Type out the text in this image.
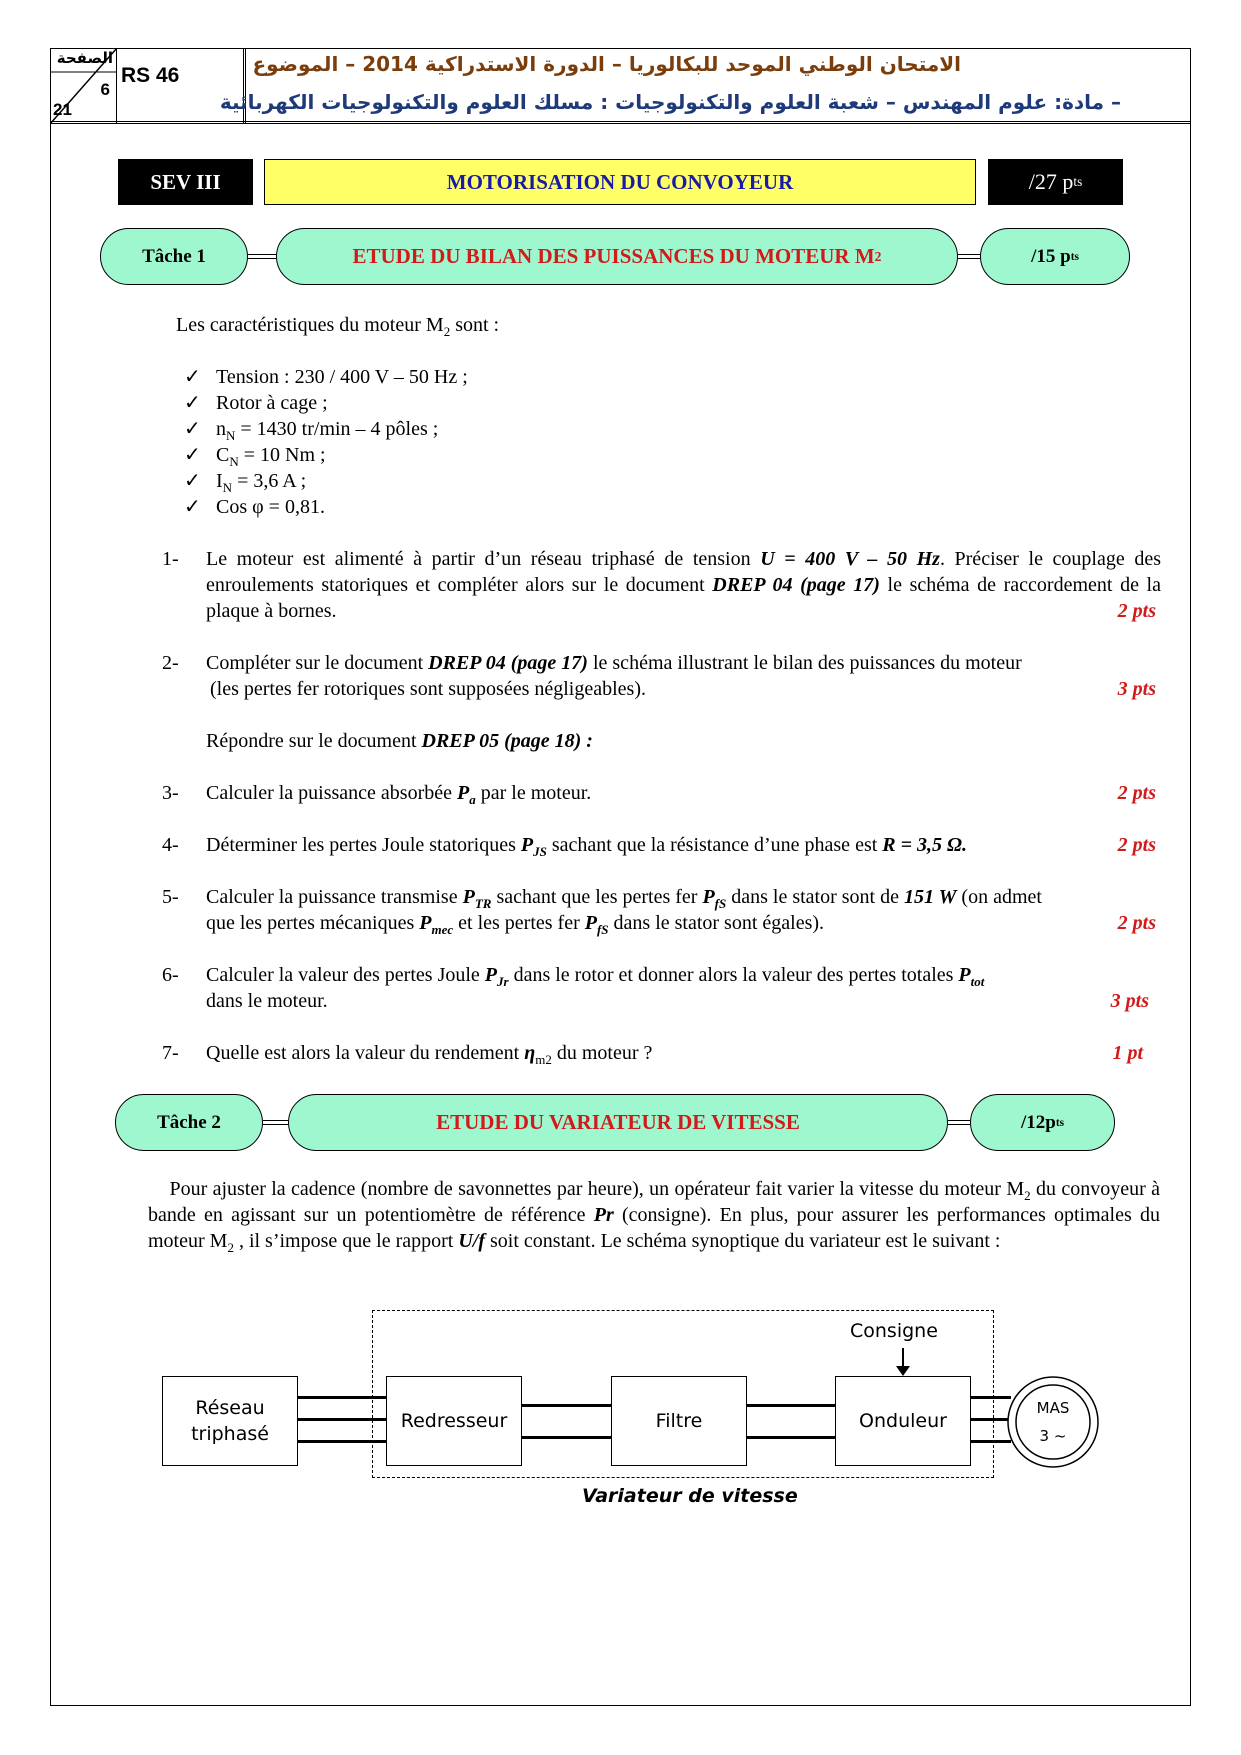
الصفحة
6
21
RS 46	الامتحان الوطني الموحد للبكالوريا – الدورة الاستدراكية 2014 – الموضوع
– مادة: علوم المهندس – شعبة العلوم والتكنولوجيات : مسلك العلوم والتكنولوجيات الكهربائية
SEV III	MOTORISATION DU CONVOYEUR	/27 p ts
Tâche 1	ETUDE DU BILAN DES PUISSANCES DU MOTEUR M 2	/15 p ts
Les caractéristiques du moteur $M_2$ sont :
✓ Tension : 230 / 400 V – 50 Hz ;
✓ Rotor à cage ;
✓ $n_N = 1430$ tr/min – 4 pôles ;
✓ $C_N = 10$ Nm ;
✓ $I_N = 3,6$ A ;
✓ Cos φ = 0,81.
1- Le moteur est alimenté à partir d’un réseau triphasé de tension U = 400 V – 50 Hz. Préciser le couplage des enroulements statoriques et compléter alors sur le document DREP 04 (page 17) le schéma de raccordement de la plaque à bornes.	2 pts
2- Compléter sur le document DREP 04 (page 17) le schéma illustrant le bilan des puissances du moteur
(les pertes fer rotoriques sont supposées négligeables).	3 pts
Répondre sur le document DREP 05 (page 18) :
3- Calculer la puissance absorbée $P_a$ par le moteur.	2 pts
4- Déterminer les pertes Joule statoriques $P_{JS}$ sachant que la résistance d’une phase est R = 3,5 Ω.	2 pts
5- Calculer la puissance transmise $P_{TR}$ sachant que les pertes fer $P_{fS}$ dans le stator sont de 151 W (on admet
que les pertes mécaniques $P_{mec}$ et les pertes fer $P_{fS}$ dans le stator sont égales).	2 pts
6- Calculer la valeur des pertes Joule $P_{Jr}$ dans le rotor et donner alors la valeur des pertes totales $P_{tot}$
dans le moteur.	3 pts
7- Quelle est alors la valeur du rendement $\eta_{m2}$ du moteur ?	1 pt
Tâche 2	ETUDE DU VARIATEUR DE VITESSE	/12p ts
Pour ajuster la cadence (nombre de savonnettes par heure), un opérateur fait varier la vitesse du moteur $M_2$ du convoyeur à bande en agissant sur un potentiomètre de référence Pr (consigne). En plus, pour assurer les performances optimales du moteur $M_2$ , il s’impose que le rapport U/f soit constant. Le schéma synoptique du variateur est le suivant :
Réseau
triphasé
Redresseur	Filtre	Onduleur
Consigne
MAS
3 ~
Variateur de vitesse
